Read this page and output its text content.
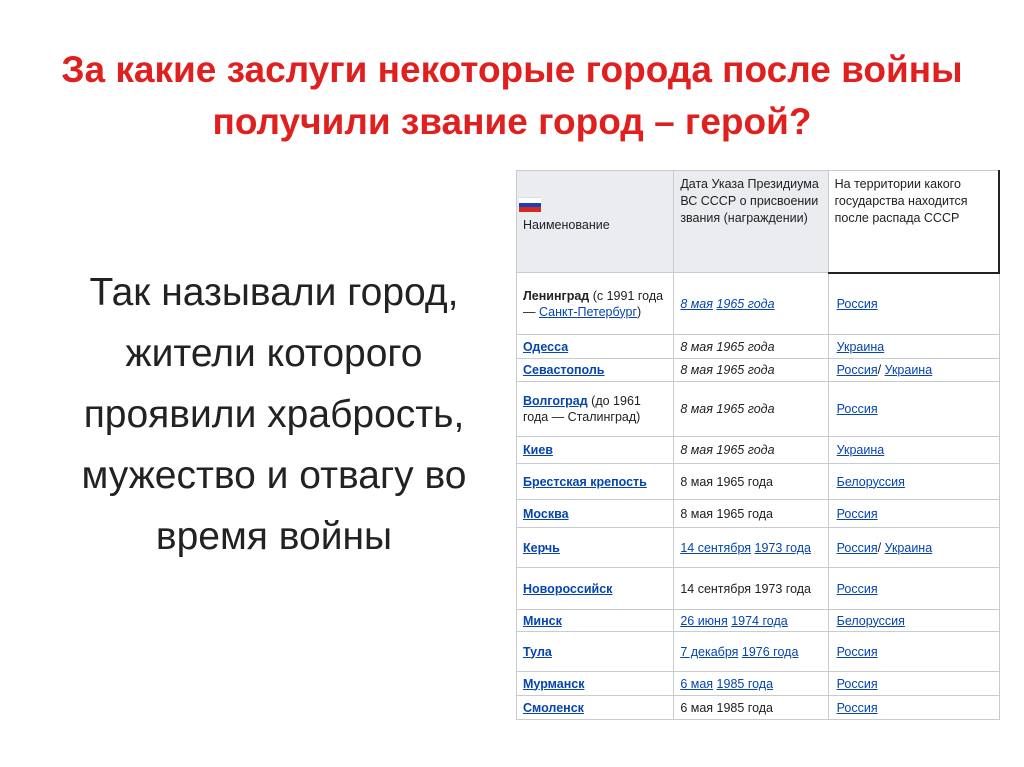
За какие заслуги некоторые города после войны получили звание город – герой?
Так называли город, жители которого проявили храбрость, мужество и отвагу во время войны
Наименование	Дата Указа Президиума ВС СССР о присвоении звания (награждении)	На территории какого государства находится после распада СССР
Ленинград (с 1991 года — Санкт-Петербург)	8 мая 1965 года	Россия
Одесса	8 мая 1965 года	Украина
Севастополь	8 мая 1965 года	Россия/ Украина
Волгоград (до 1961 года — Сталинград)	8 мая 1965 года	Россия
Киев	8 мая 1965 года	Украина
Брестская крепость	8 мая 1965 года	Белоруссия
Москва	8 мая 1965 года	Россия
Керчь	14 сентября 1973 года	Россия/ Украина
Новороссийск	14 сентября 1973 года	Россия
Минск	26 июня 1974 года	Белоруссия
Тула	7 декабря 1976 года	Россия
Мурманск	6 мая 1985 года	Россия
Смоленск	6 мая 1985 года	Россия
